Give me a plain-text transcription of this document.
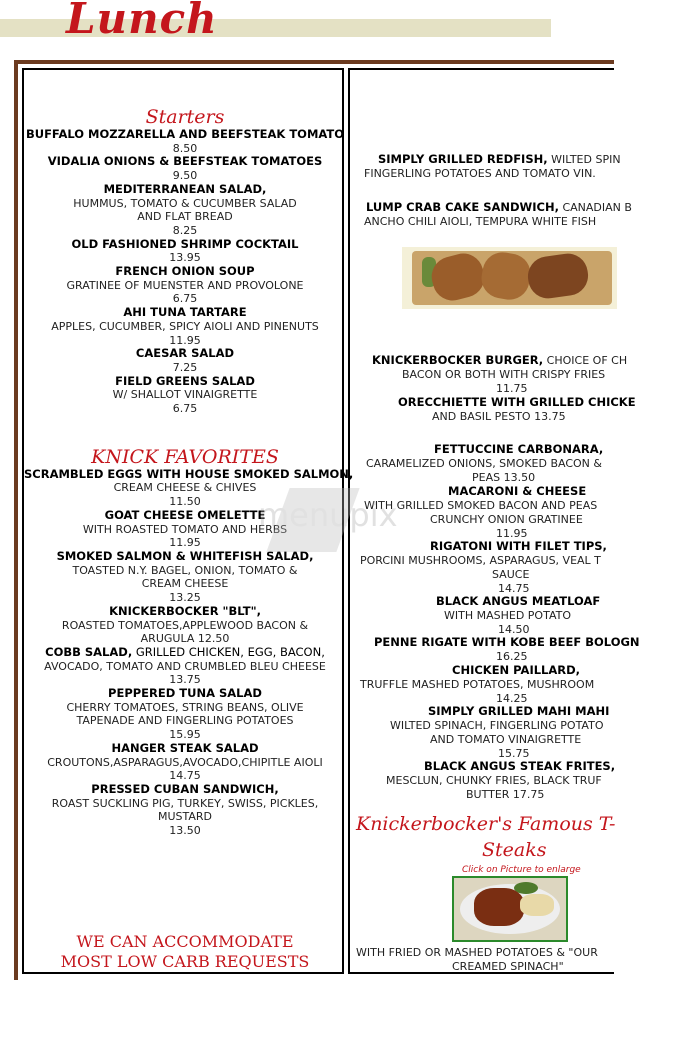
Lunch
Starters
BUFFALO MOZZARELLA AND BEEFSTEAK TOMATO
8.50
VIDALIA ONIONS & BEEFSTEAK TOMATOES
9.50
MEDITERRANEAN SALAD,
HUMMUS, TOMATO & CUCUMBER SALAD
AND FLAT BREAD
8.25
OLD FASHIONED SHRIMP COCKTAIL
13.95
FRENCH ONION SOUP
GRATINEE OF MUENSTER AND PROVOLONE
6.75
AHI TUNA TARTARE
APPLES, CUCUMBER, SPICY AIOLI AND PINENUTS
11.95
CAESAR SALAD
7.25
FIELD GREENS SALAD
W/ SHALLOT VINAIGRETTE
6.75
KNICK FAVORITES
SCRAMBLED EGGS WITH HOUSE SMOKED SALMON,
CREAM CHEESE & CHIVES
11.50
GOAT CHEESE OMELETTE
WITH ROASTED TOMATO AND HERBS
11.95
SMOKED SALMON & WHITEFISH SALAD,
TOASTED N.Y. BAGEL, ONION, TOMATO &
CREAM CHEESE
13.25
KNICKERBOCKER "BLT",
ROASTED TOMATOES,APPLEWOOD BACON &
ARUGULA 12.50
COBB SALAD, GRILLED CHICKEN, EGG, BACON,
AVOCADO, TOMATO AND CRUMBLED BLEU CHEESE
13.75
PEPPERED TUNA SALAD
CHERRY TOMATOES, STRING BEANS, OLIVE
TAPENADE AND FINGERLING POTATOES
15.95
HANGER STEAK SALAD
CROUTONS,ASPARAGUS,AVOCADO,CHIPITLE AIOLI
14.75
PRESSED CUBAN SANDWICH,
ROAST SUCKLING PIG, TURKEY, SWISS, PICKLES,
MUSTARD
13.50
WE CAN ACCOMMODATE
MOST LOW CARB REQUESTS
SIMPLY GRILLED REDFISH, WILTED SPIN
FINGERLING POTATOES AND TOMATO VIN.
LUMP CRAB CAKE SANDWICH, CANADIAN B
ANCHO CHILI AIOLI, TEMPURA WHITE FISH
KNICKERBOCKER BURGER, CHOICE OF CH
BACON OR BOTH WITH CRISPY FRIES
11.75
ORECCHIETTE WITH GRILLED CHICKE
AND BASIL PESTO 13.75
FETTUCCINE CARBONARA,
CARAMELIZED ONIONS, SMOKED BACON &
PEAS 13.50
MACARONI & CHEESE
WITH GRILLED SMOKED BACON AND PEAS
CRUNCHY ONION GRATINEE
11.95
RIGATONI WITH FILET TIPS,
PORCINI MUSHROOMS, ASPARAGUS, VEAL T
SAUCE
14.75
BLACK ANGUS MEATLOAF
WITH MASHED POTATO
14.50
PENNE RIGATE WITH KOBE BEEF BOLOGN
16.25
CHICKEN PAILLARD,
TRUFFLE MASHED POTATOES, MUSHROOM
14.25
SIMPLY GRILLED MAHI MAHI
WILTED SPINACH, FINGERLING POTATO
AND TOMATO VINAIGRETTE
15.75
BLACK ANGUS STEAK FRITES,
MESCLUN, CHUNKY FRIES, BLACK TRUF
BUTTER 17.75
WITH FRIED OR MASHED POTATOES & "OUR
CREAMED SPINACH"
Knickerbocker's Famous T-
Steaks
Click on Picture to enlarge
menupix
